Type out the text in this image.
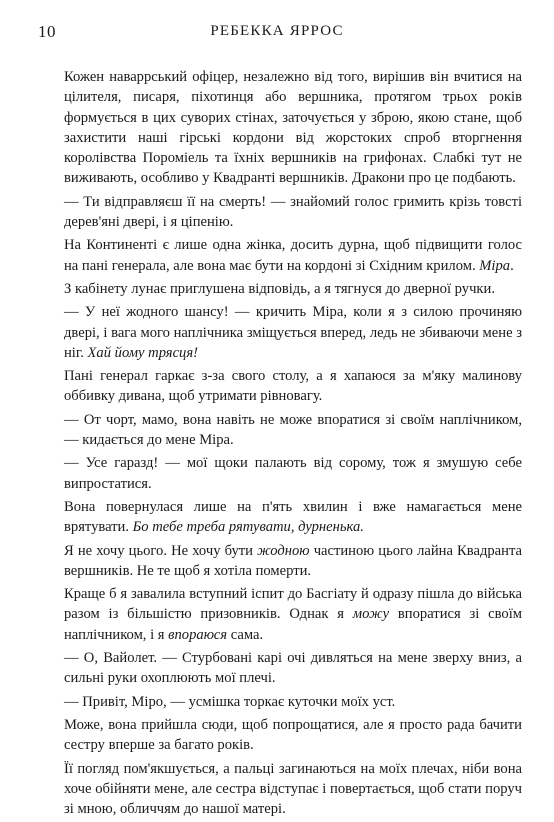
10	РЕБЕККА ЯРРОС

Кожен наваррський офіцер, незалежно від того, вирішив він вчитися на цілителя, писаря, піхотинця або вершника, протягом трьох років формується в цих суворих стінах, заточується у зброю, якою стане, щоб захистити наші гірські кордони від жорстоких спроб вторгнення королівства Пороміель та їхніх вершників на грифонах. Слабкі тут не виживають, особливо у Квадранті вершників. Дракони про це подбають.

— Ти відправляєш її на смерть! — знайомий голос гримить крізь товсті дерев'яні двері, і я ціпенію.

На Континенті є лише одна жінка, досить дурна, щоб підвищити голос на пані генерала, але вона має бути на кордоні зі Східним крилом. Міра.

З кабінету лунає приглушена відповідь, а я тягнуся до дверної ручки.

— У неї жодного шансу! — кричить Міра, коли я з силою прочиняю двері, і вага мого наплічника зміщується вперед, ледь не збиваючи мене з ніг. Хай йому трясця!

Пані генерал гаркає з-за свого столу, а я хапаюся за м'яку малинову оббивку дивана, щоб утримати рівновагу.

— От чорт, мамо, вона навіть не може впоратися зі своїм наплічником, — кидається до мене Міра.

— Усе гаразд! — мої щоки палають від сорому, тож я змушую себе випростатися.

Вона повернулася лише на п'ять хвилин і вже намагається мене врятувати. Бо тебе треба рятувати, дурненька.

Я не хочу цього. Не хочу бути жодною частиною цього лайна Квадранта вершників. Не те щоб я хотіла померти.

Краще б я завалила вступний іспит до Басгіату й одразу пішла до війська разом із більшістю призовників. Однак я можу впоратися зі своїм наплічником, і я впораюся сама.

— О, Вайолет. — Стурбовані карі очі дивляться на мене зверху вниз, а сильні руки охоплюють мої плечі.

— Привіт, Міро, — усмішка торкає куточки моїх уст.

Може, вона прийшла сюди, щоб попрощатися, але я просто рада бачити сестру вперше за багато років.

Її погляд пом'якшується, а пальці загинаються на моїх плечах, ніби вона хоче обійняти мене, але сестра відступає і повертається, щоб стати поруч зі мною, обличчям до нашої матері.
